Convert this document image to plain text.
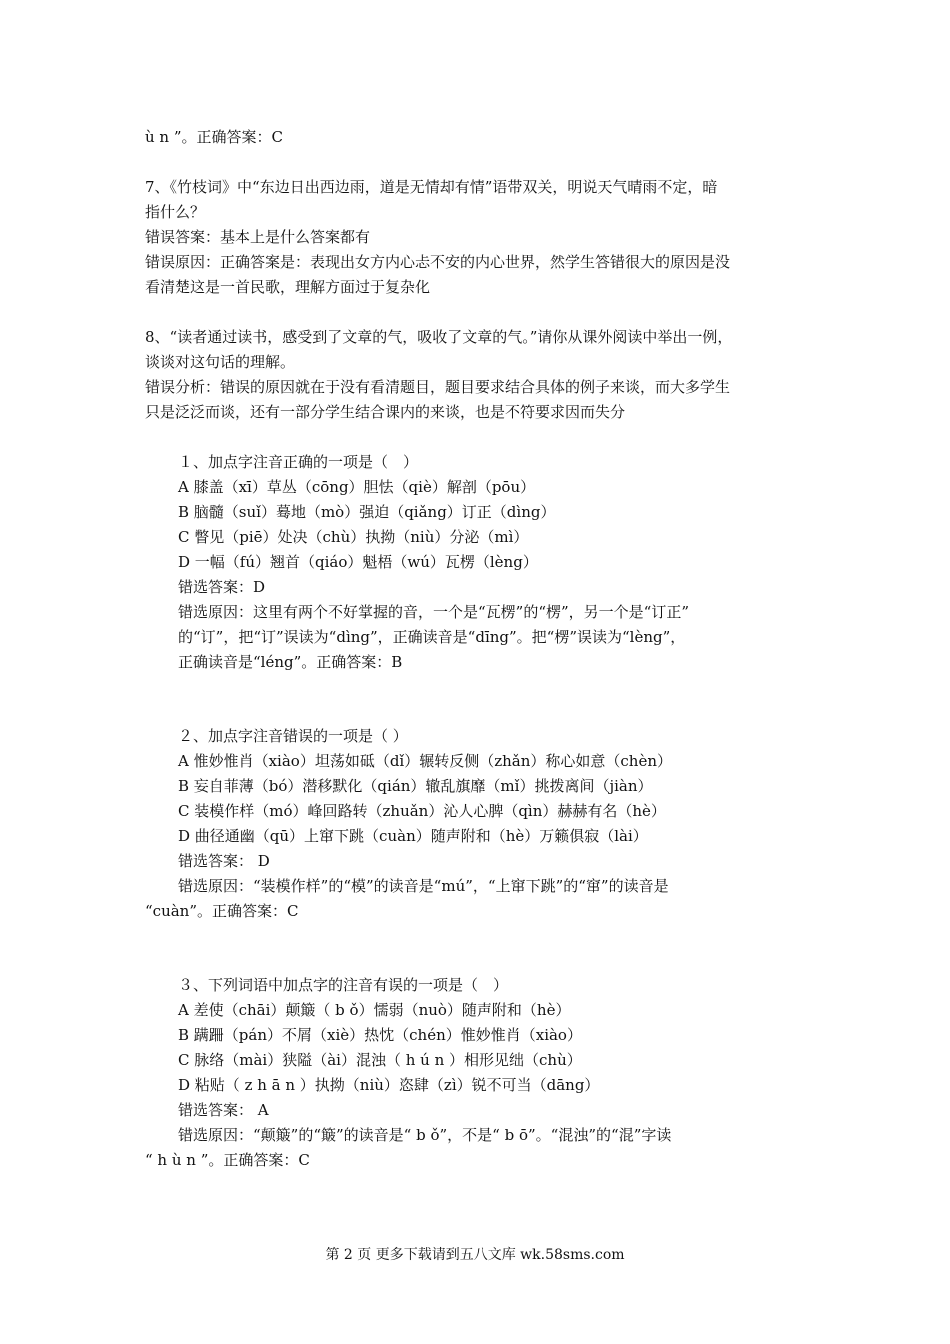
ù n ”。正确答案：C
7、《竹枝词》中“东边日出西边雨，道是无情却有情”语带双关，明说天气晴雨不定，暗
指什么？
错误答案：基本上是什么答案都有
错误原因：正确答案是：表现出女方内心忐不安的内心世界，然学生答错很大的原因是没
看清楚这是一首民歌，理解方面过于复杂化
8、“读者通过读书，感受到了文章的气，吸收了文章的气。”请你从课外阅读中举出一例，
谈谈对这句话的理解。
错误分析：错误的原因就在于没有看清题目，题目要求结合具体的例子来谈，而大多学生
只是泛泛而谈，还有一部分学生结合课内的来谈，也是不符要求因而失分
１、加点字注音正确的一项是（　）
A 膝盖（xī）草丛（cōng）胆怯（qiè）解剖（pōu）
B 脑髓（suǐ）蓦地（mò）强迫（qiǎng）订正（dìng）
C 瞥见（piē）处决（chù）执拗（niù）分泌（mì）
D 一幅（fú）翘首（qiáo）魁梧（wú）瓦楞（lèng）
错选答案：D
错选原因：这里有两个不好掌握的音，一个是“瓦楞”的“楞”，另一个是“订正”
的“订”，把“订”误读为“dìng”，正确读音是“dīng”。把“楞”误读为“lèng”，
正确读音是“léng”。正确答案：B
２、加点字注音错误的一项是（ ）
A 惟妙惟肖（xiào）坦荡如砥（dǐ）辗转反侧（zhǎn）称心如意（chèn）
B 妄自菲薄（bó）潜移默化（qián）辙乱旗靡（mǐ）挑拨离间（jiàn）
C 装模作样（mó）峰回路转（zhuǎn）沁人心脾（qìn）赫赫有名（hè）
D 曲径通幽（qū）上窜下跳（cuàn）随声附和（hè）万籁俱寂（lài）
错选答案： D
错选原因：“装模作样”的“模”的读音是“mú”，“上窜下跳”的“窜”的读音是
“cuàn”。正确答案：C
３、下列词语中加点字的注音有误的一项是（　）
A 差使（chāi）颠簸（ b ǒ）懦弱（nuò）随声附和（hè）
B 蹒跚（pán）不屑（xiè）热忱（chén）惟妙惟肖（xiào）
C 脉络（mài）狭隘（ài）混浊（ h ú n ）相形见绌（chù）
D 粘贴（ z h ā n ）执拗（niù）恣肆（zì）锐不可当（dāng）
错选答案： A
错选原因：“颠簸”的“簸”的读音是“ b ǒ”，不是“ b ō”。“混浊”的“混”字读
“ h ù n ”。正确答案：C
第 2 页 更多下载请到五八文库 wk.58sms.com
